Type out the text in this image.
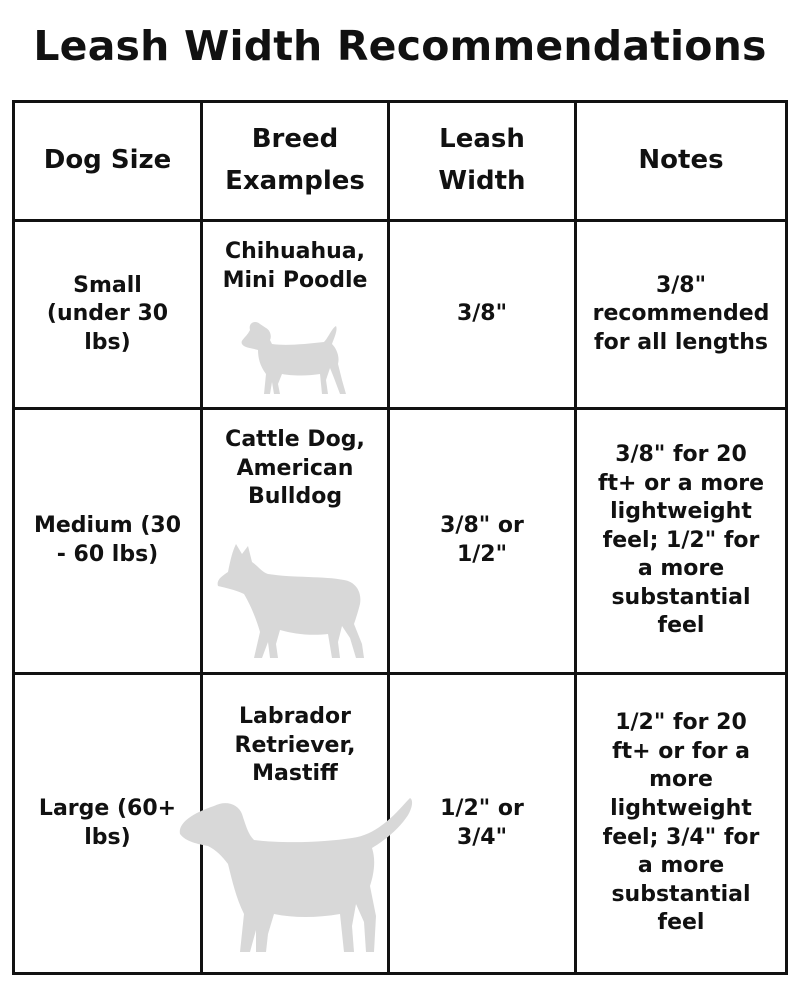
Leash Width Recommendations
Dog Size
Breed Examples
Leash Width
Notes
Small (under 30 lbs)
Chihuahua, Mini Poodle
3/8"
3/8" recommended for all lengths
Medium (30 - 60 lbs)
Cattle Dog, American Bulldog
3/8" or 1/2"
3/8" for 20 ft+ or a more lightweight feel; 1/2" for a more substantial feel
Large (60+ lbs)
Labrador Retriever, Mastiff
1/2" or 3/4"
1/2" for 20 ft+ or for a more lightweight feel; 3/4" for a more substantial feel
